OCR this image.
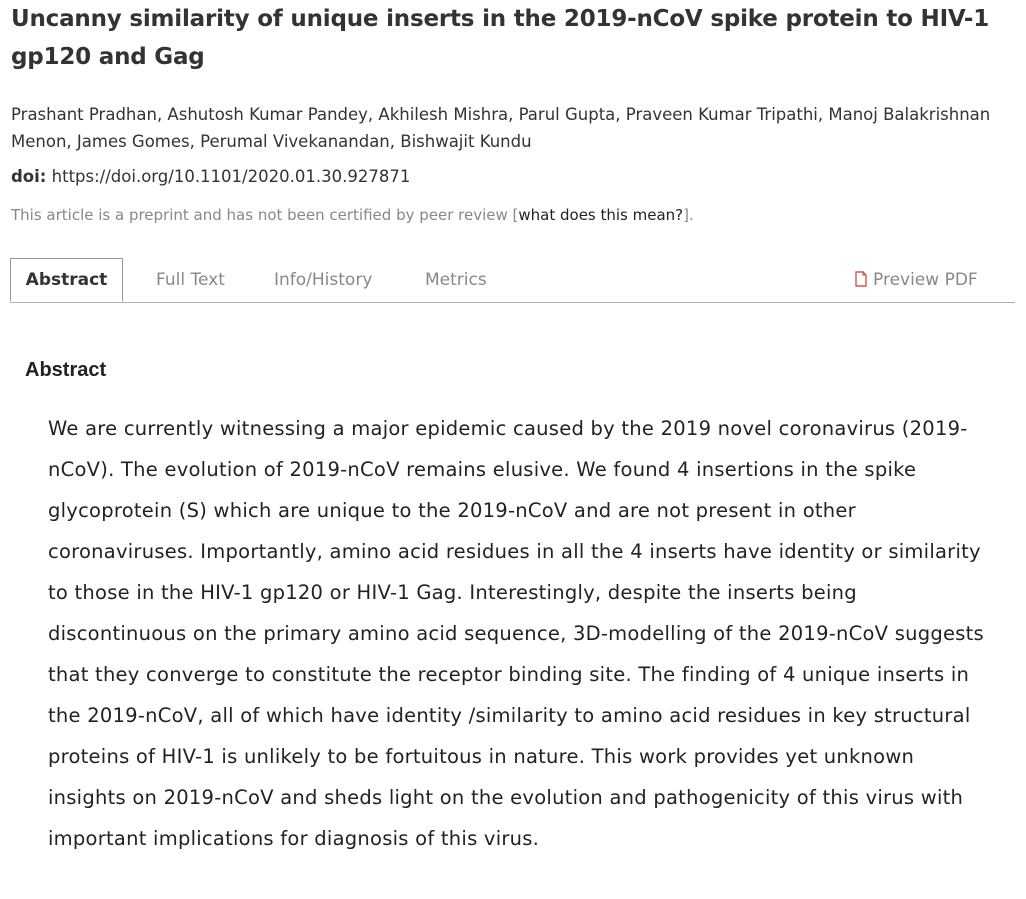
Uncanny similarity of unique inserts in the 2019-nCoV spike protein to HIV-1 gp120 and Gag
Prashant Pradhan, Ashutosh Kumar Pandey, Akhilesh Mishra, Parul Gupta, Praveen Kumar Tripathi, Manoj Balakrishnan Menon, James Gomes, Perumal Vivekanandan, Bishwajit Kundu
doi: https://doi.org/10.1101/2020.01.30.927871
This article is a preprint and has not been certified by peer review [what does this mean?].
Abstract	Full Text	Info/History	Metrics	Preview PDF
Abstract

We are currently witnessing a major epidemic caused by the 2019 novel coronavirus (2019-nCoV). The evolution of 2019-nCoV remains elusive. We found 4 insertions in the spike glycoprotein (S) which are unique to the 2019-nCoV and are not present in other coronaviruses. Importantly, amino acid residues in all the 4 inserts have identity or similarity to those in the HIV-1 gp120 or HIV-1 Gag. Interestingly, despite the inserts being discontinuous on the primary amino acid sequence, 3D-modelling of the 2019-nCoV suggests that they converge to constitute the receptor binding site. The finding of 4 unique inserts in the 2019-nCoV, all of which have identity /similarity to amino acid residues in key structural proteins of HIV-1 is unlikely to be fortuitous in nature. This work provides yet unknown insights on 2019-nCoV and sheds light on the evolution and pathogenicity of this virus with important implications for diagnosis of this virus.
